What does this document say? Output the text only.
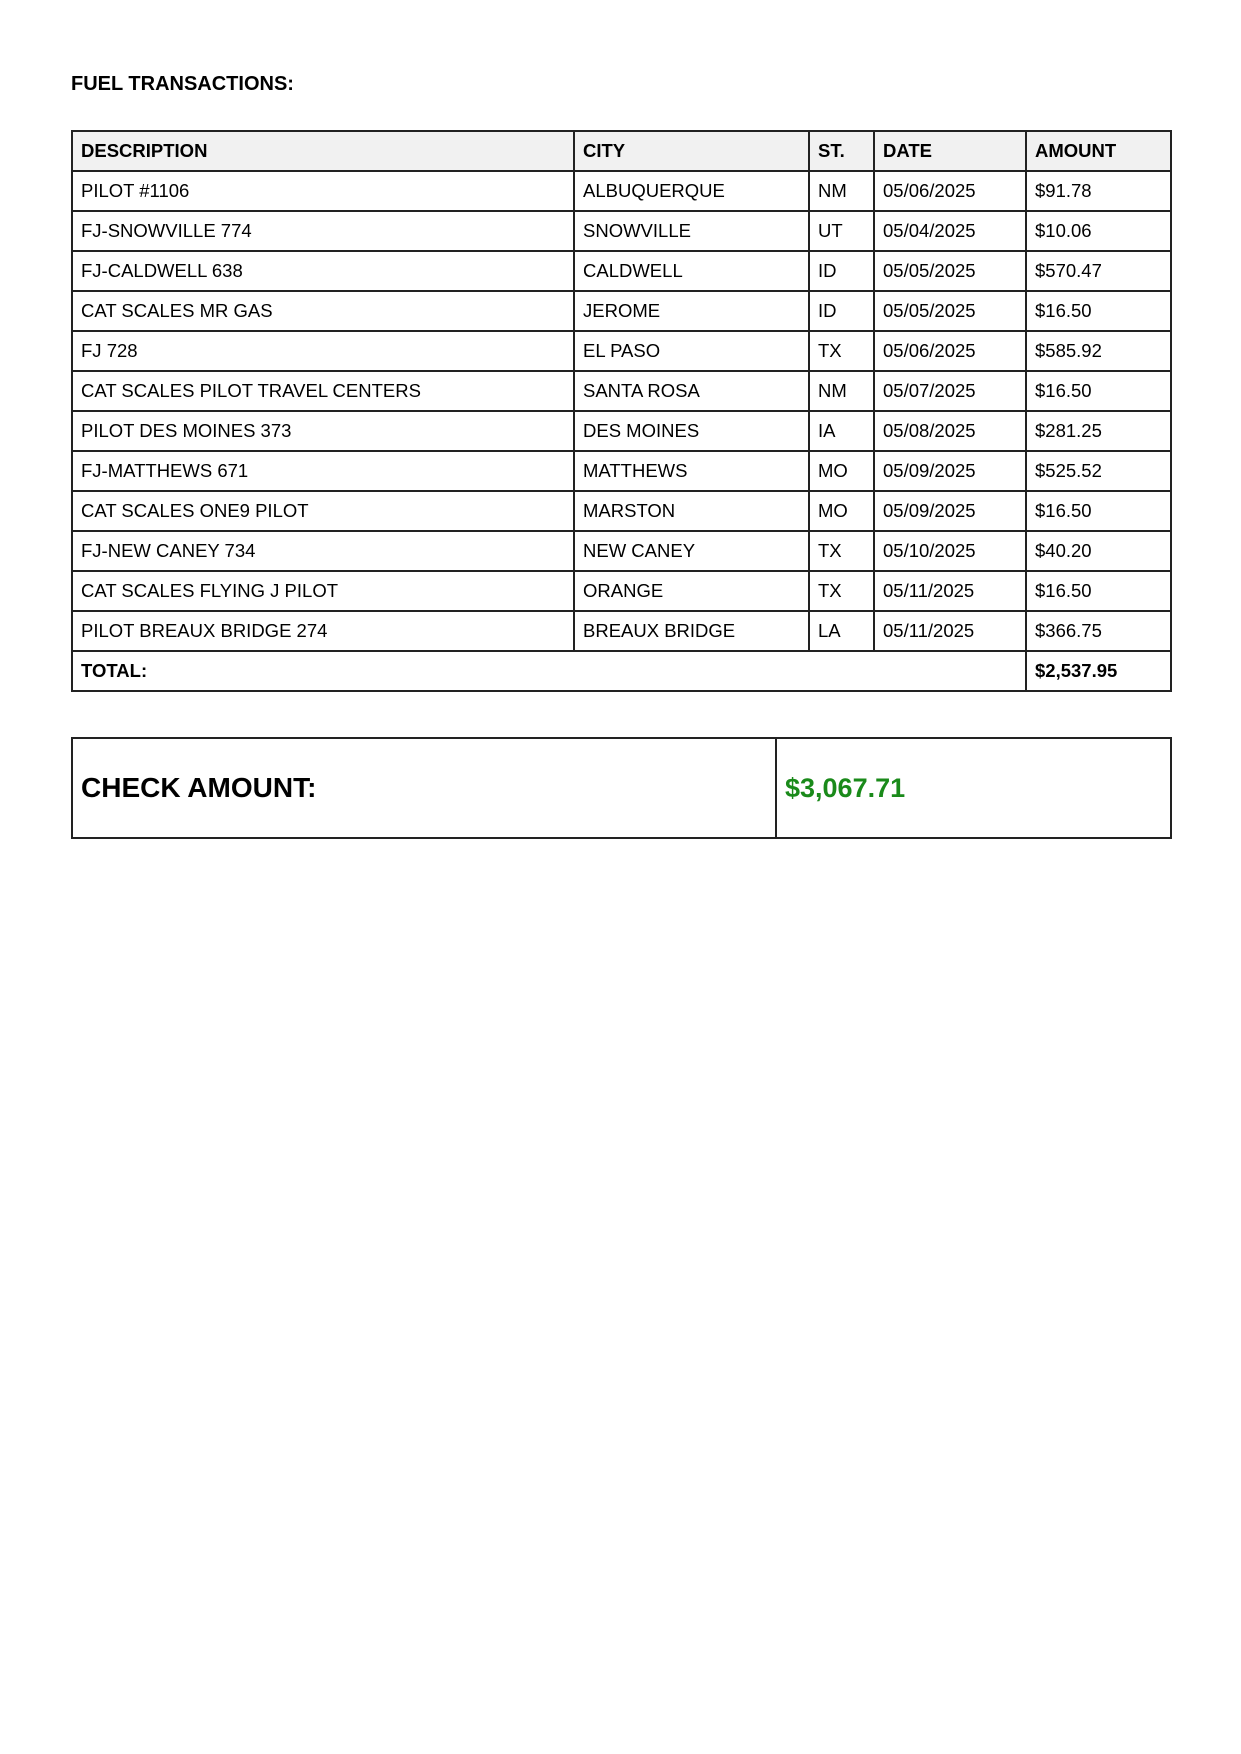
FUEL TRANSACTIONS:
DESCRIPTION	CITY	ST.	DATE	AMOUNT
PILOT #1106	ALBUQUERQUE	NM	05/06/2025	$91.78
FJ-SNOWVILLE 774	SNOWVILLE	UT	05/04/2025	$10.06
FJ-CALDWELL 638	CALDWELL	ID	05/05/2025	$570.47
CAT SCALES MR GAS	JEROME	ID	05/05/2025	$16.50
FJ 728	EL PASO	TX	05/06/2025	$585.92
CAT SCALES PILOT TRAVEL CENTERS	SANTA ROSA	NM	05/07/2025	$16.50
PILOT DES MOINES 373	DES MOINES	IA	05/08/2025	$281.25
FJ-MATTHEWS 671	MATTHEWS	MO	05/09/2025	$525.52
CAT SCALES ONE9 PILOT	MARSTON	MO	05/09/2025	$16.50
FJ-NEW CANEY 734	NEW CANEY	TX	05/10/2025	$40.20
CAT SCALES FLYING J PILOT	ORANGE	TX	05/11/2025	$16.50
PILOT BREAUX BRIDGE 274	BREAUX BRIDGE	LA	05/11/2025	$366.75
TOTAL:				$2,537.95
CHECK AMOUNT:	$3,067.71
